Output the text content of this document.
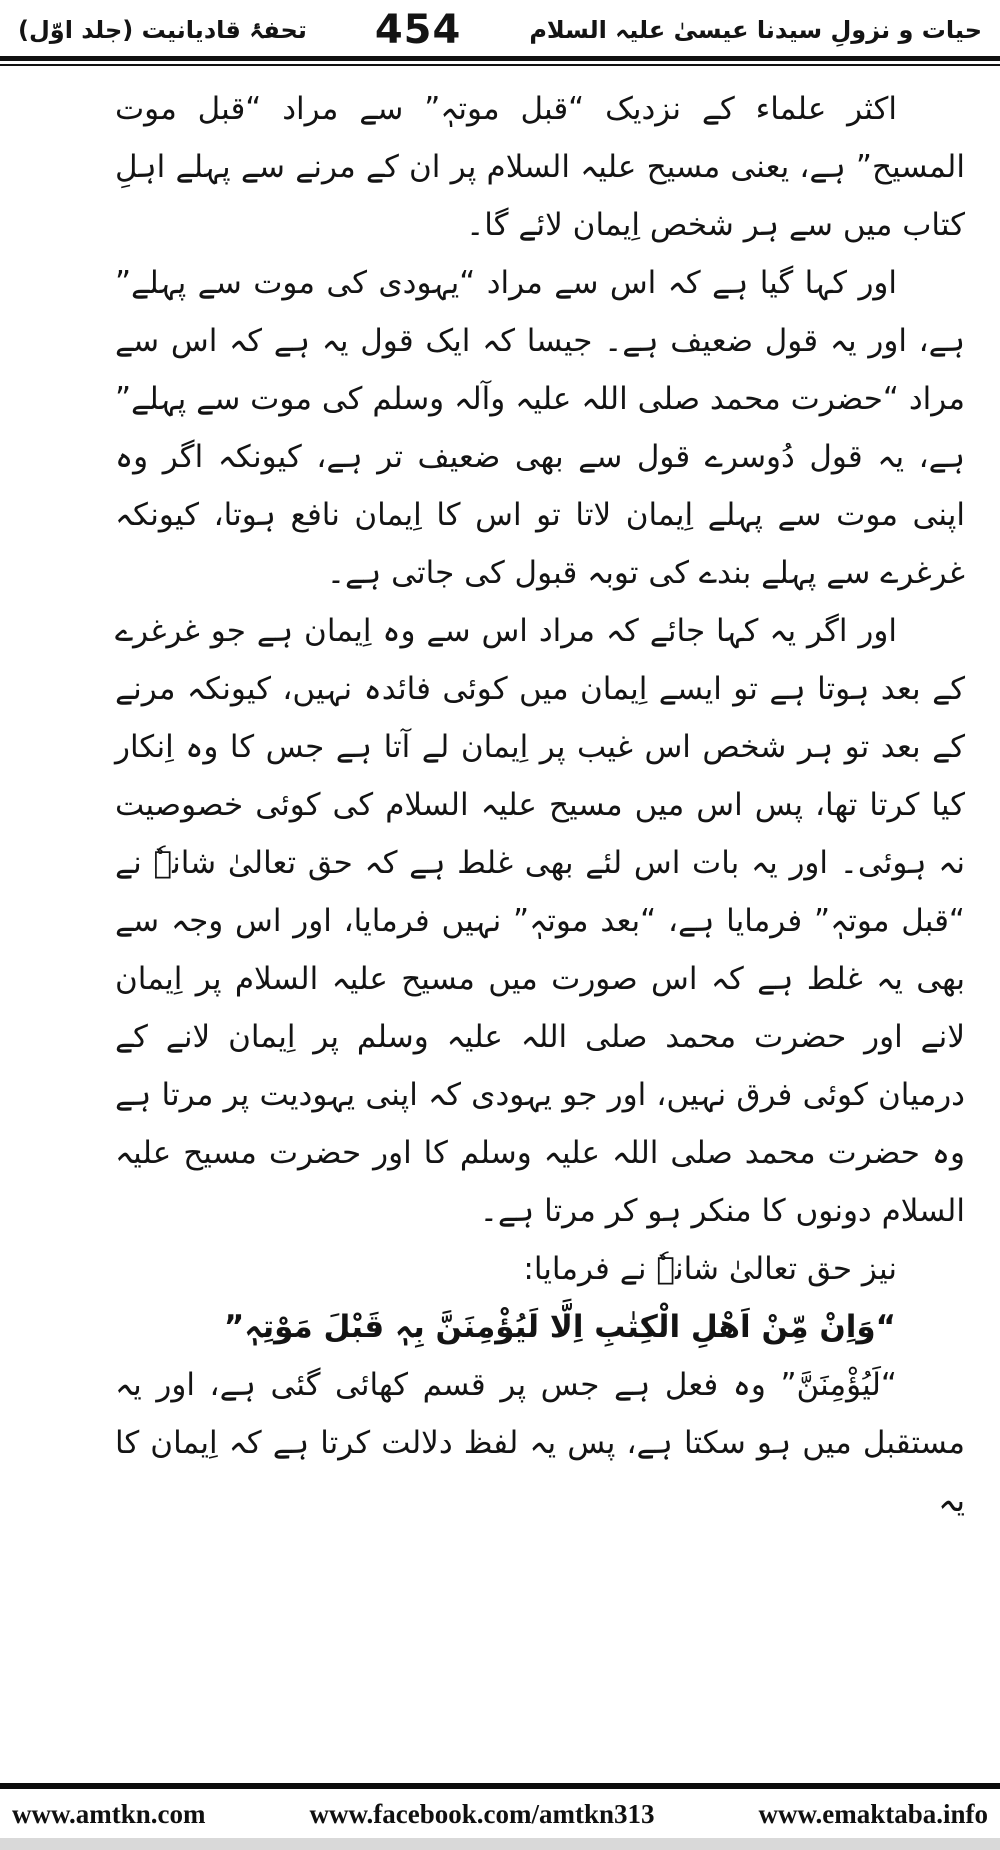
تحفۂ قادیانیت (جلد اوّل) 454	حیات و نزولِ سیدنا عیسیٰ علیہ السلام

اکثر علماء کے نزدیک “قبل موتہٖ” سے مراد “قبل موت المسیح” ہے، یعنی مسیح علیہ السلام پر ان کے مرنے سے پہلے اہلِ کتاب میں سے ہر شخص اِیمان لائے گا۔

اور کہا گیا ہے کہ اس سے مراد “یہودی کی موت سے پہلے” ہے، اور یہ قول ضعیف ہے۔ جیسا کہ ایک قول یہ ہے کہ اس سے مراد “حضرت محمد صلی اللہ علیہ وآلہ وسلم کی موت سے پہلے” ہے، یہ قول دُوسرے قول سے بھی ضعیف تر ہے، کیونکہ اگر وہ اپنی موت سے پہلے اِیمان لاتا تو اس کا اِیمان نافع ہوتا، کیونکہ غرغرے سے پہلے بندے کی توبہ قبول کی جاتی ہے۔

اور اگر یہ کہا جائے کہ مراد اس سے وہ اِیمان ہے جو غرغرے کے بعد ہوتا ہے تو ایسے اِیمان میں کوئی فائدہ نہیں، کیونکہ مرنے کے بعد تو ہر شخص اس غیب پر اِیمان لے آتا ہے جس کا وہ اِنکار کیا کرتا تھا، پس اس میں مسیح علیہ السلام کی کوئی خصوصیت نہ ہوئی۔ اور یہ بات اس لئے بھی غلط ہے کہ حق تعالیٰ شانہٗ نے “قبل موتہٖ” فرمایا ہے، “بعد موتہٖ” نہیں فرمایا، اور اس وجہ سے بھی یہ غلط ہے کہ اس صورت میں مسیح علیہ السلام پر اِیمان لانے اور حضرت محمد صلی اللہ علیہ وسلم پر اِیمان لانے کے درمیان کوئی فرق نہیں، اور جو یہودی کہ اپنی یہودیت پر مرتا ہے وہ حضرت محمد صلی اللہ علیہ وسلم کا اور حضرت مسیح علیہ السلام دونوں کا منکر ہو کر مرتا ہے۔

نیز حق تعالیٰ شانہٗ نے فرمایا:

“وَاِنْ مِّنْ اَھْلِ الْکِتٰبِ اِلَّا لَیُؤْمِنَنَّ بِہٖ قَبْلَ مَوْتِہٖ”

“لَیُؤْمِنَنَّ” وہ فعل ہے جس پر قسم کھائی گئی ہے، اور یہ مستقبل میں ہو سکتا ہے، پس یہ لفظ دلالت کرتا ہے کہ اِیمان کا یہ

www.amtkn.com	www.facebook.com/amtkn313	www.emaktaba.info
